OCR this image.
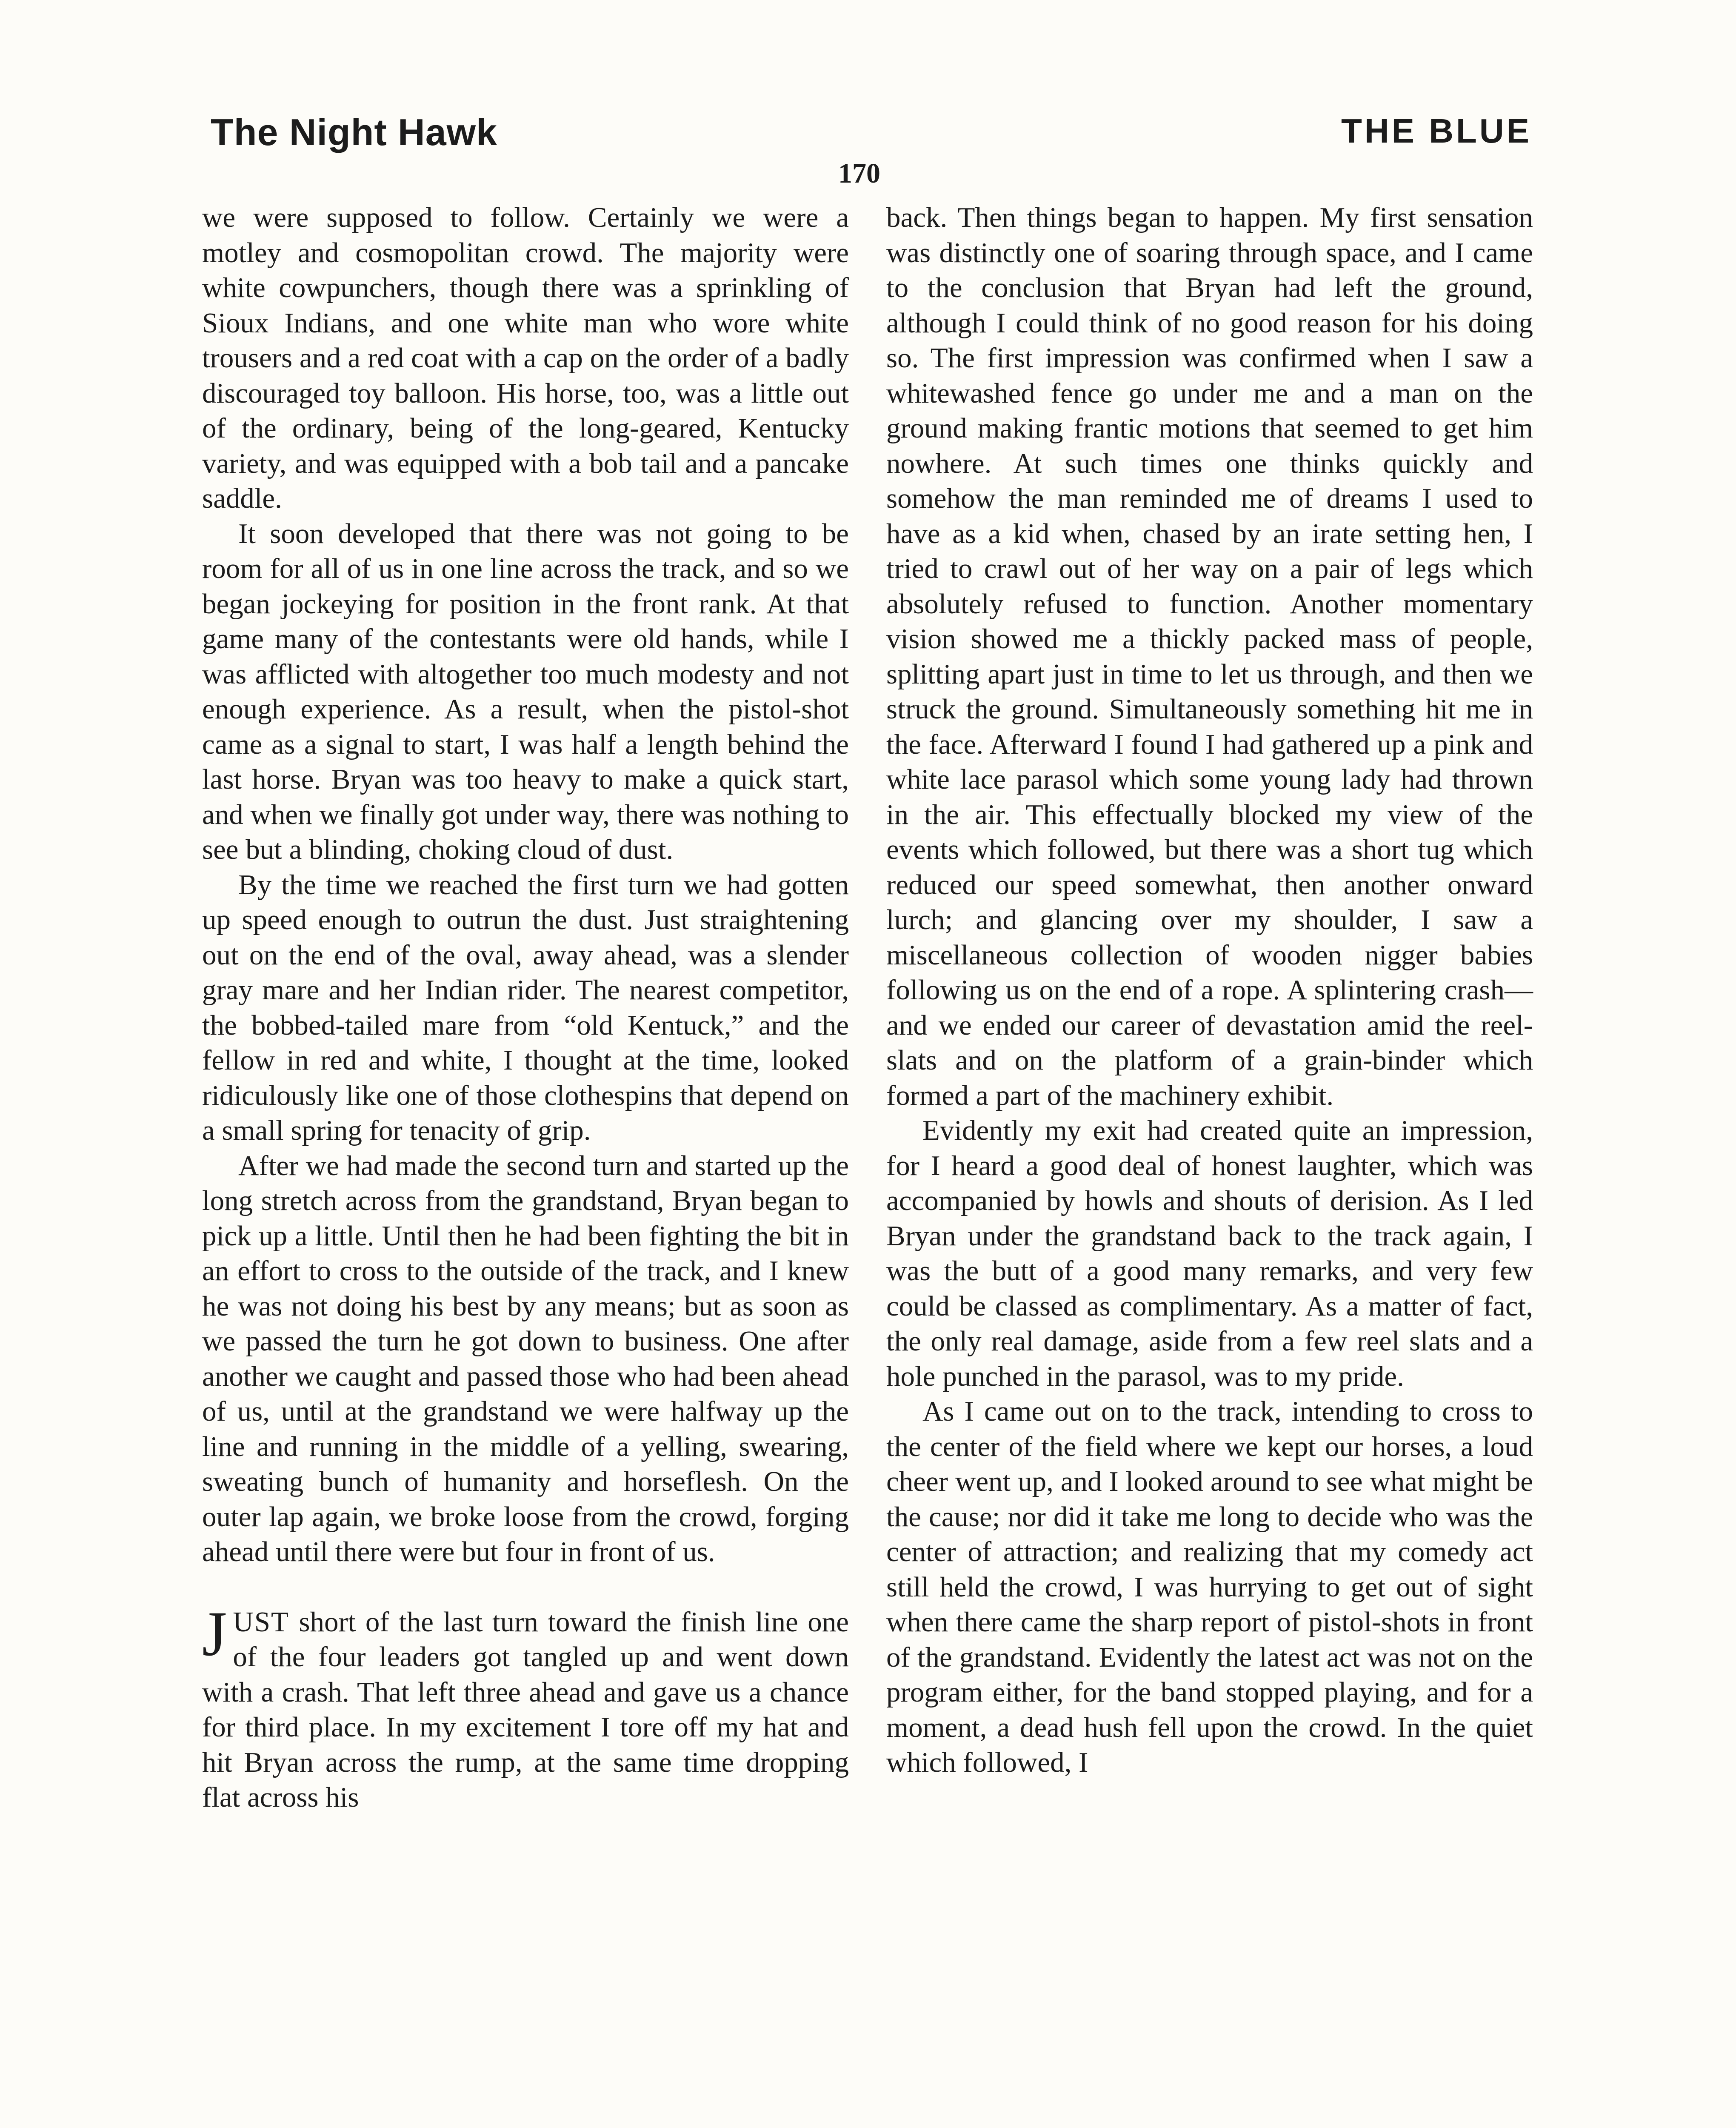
The Night Hawk	THE BLUE
170

we were supposed to follow. Certainly we were a motley and cosmopolitan crowd. The majority were white cowpunchers, though there was a sprinkling of Sioux Indians, and one white man who wore white trousers and a red coat with a cap on the order of a badly discouraged toy balloon. His horse, too, was a little out of the ordinary, being of the long-geared, Kentucky variety, and was equipped with a bob tail and a pancake saddle.

It soon developed that there was not going to be room for all of us in one line across the track, and so we began jockeying for position in the front rank. At that game many of the contestants were old hands, while I was afflicted with altogether too much modesty and not enough experience. As a result, when the pistol-shot came as a signal to start, I was half a length behind the last horse. Bryan was too heavy to make a quick start, and when we finally got under way, there was nothing to see but a blinding, choking cloud of dust.

By the time we reached the first turn we had gotten up speed enough to outrun the dust. Just straightening out on the end of the oval, away ahead, was a slender gray mare and her Indian rider. The nearest competitor, the bobbed-tailed mare from “old Kentuck,” and the fellow in red and white, I thought at the time, looked ridiculously like one of those clothespins that depend on a small spring for tenacity of grip.

After we had made the second turn and started up the long stretch across from the grandstand, Bryan began to pick up a little. Until then he had been fighting the bit in an effort to cross to the outside of the track, and I knew he was not doing his best by any means; but as soon as we passed the turn he got down to business. One after another we caught and passed those who had been ahead of us, until at the grandstand we were halfway up the line and running in the middle of a yelling, swearing, sweating bunch of humanity and horseflesh. On the outer lap again, we broke loose from the crowd, forging ahead until there were but four in front of us.

JUST short of the last turn toward the finish line one of the four leaders got tangled up and went down with a crash. That left three ahead and gave us a chance for third place. In my excitement I tore off my hat and hit Bryan across the rump, at the same time dropping flat across his

back. Then things began to happen. My first sensation was distinctly one of soaring through space, and I came to the conclusion that Bryan had left the ground, although I could think of no good reason for his doing so. The first impression was confirmed when I saw a whitewashed fence go under me and a man on the ground making frantic motions that seemed to get him nowhere. At such times one thinks quickly and somehow the man reminded me of dreams I used to have as a kid when, chased by an irate setting hen, I tried to crawl out of her way on a pair of legs which absolutely refused to function. Another momentary vision showed me a thickly packed mass of people, splitting apart just in time to let us through, and then we struck the ground. Simultaneously something hit me in the face. Afterward I found I had gathered up a pink and white lace parasol which some young lady had thrown in the air. This effectually blocked my view of the events which followed, but there was a short tug which reduced our speed somewhat, then another onward lurch; and glancing over my shoulder, I saw a miscellaneous collection of wooden nigger babies following us on the end of a rope. A splintering crash—and we ended our career of devastation amid the reel-slats and on the platform of a grain-binder which formed a part of the machinery exhibit.

Evidently my exit had created quite an impression, for I heard a good deal of honest laughter, which was accompanied by howls and shouts of derision. As I led Bryan under the grandstand back to the track again, I was the butt of a good many remarks, and very few could be classed as complimentary. As a matter of fact, the only real damage, aside from a few reel slats and a hole punched in the parasol, was to my pride.

As I came out on to the track, intending to cross to the center of the field where we kept our horses, a loud cheer went up, and I looked around to see what might be the cause; nor did it take me long to decide who was the center of attraction; and realizing that my comedy act still held the crowd, I was hurrying to get out of sight when there came the sharp report of pistol-shots in front of the grandstand. Evidently the latest act was not on the program either, for the band stopped playing, and for a moment, a dead hush fell upon the crowd. In the quiet which followed, I
